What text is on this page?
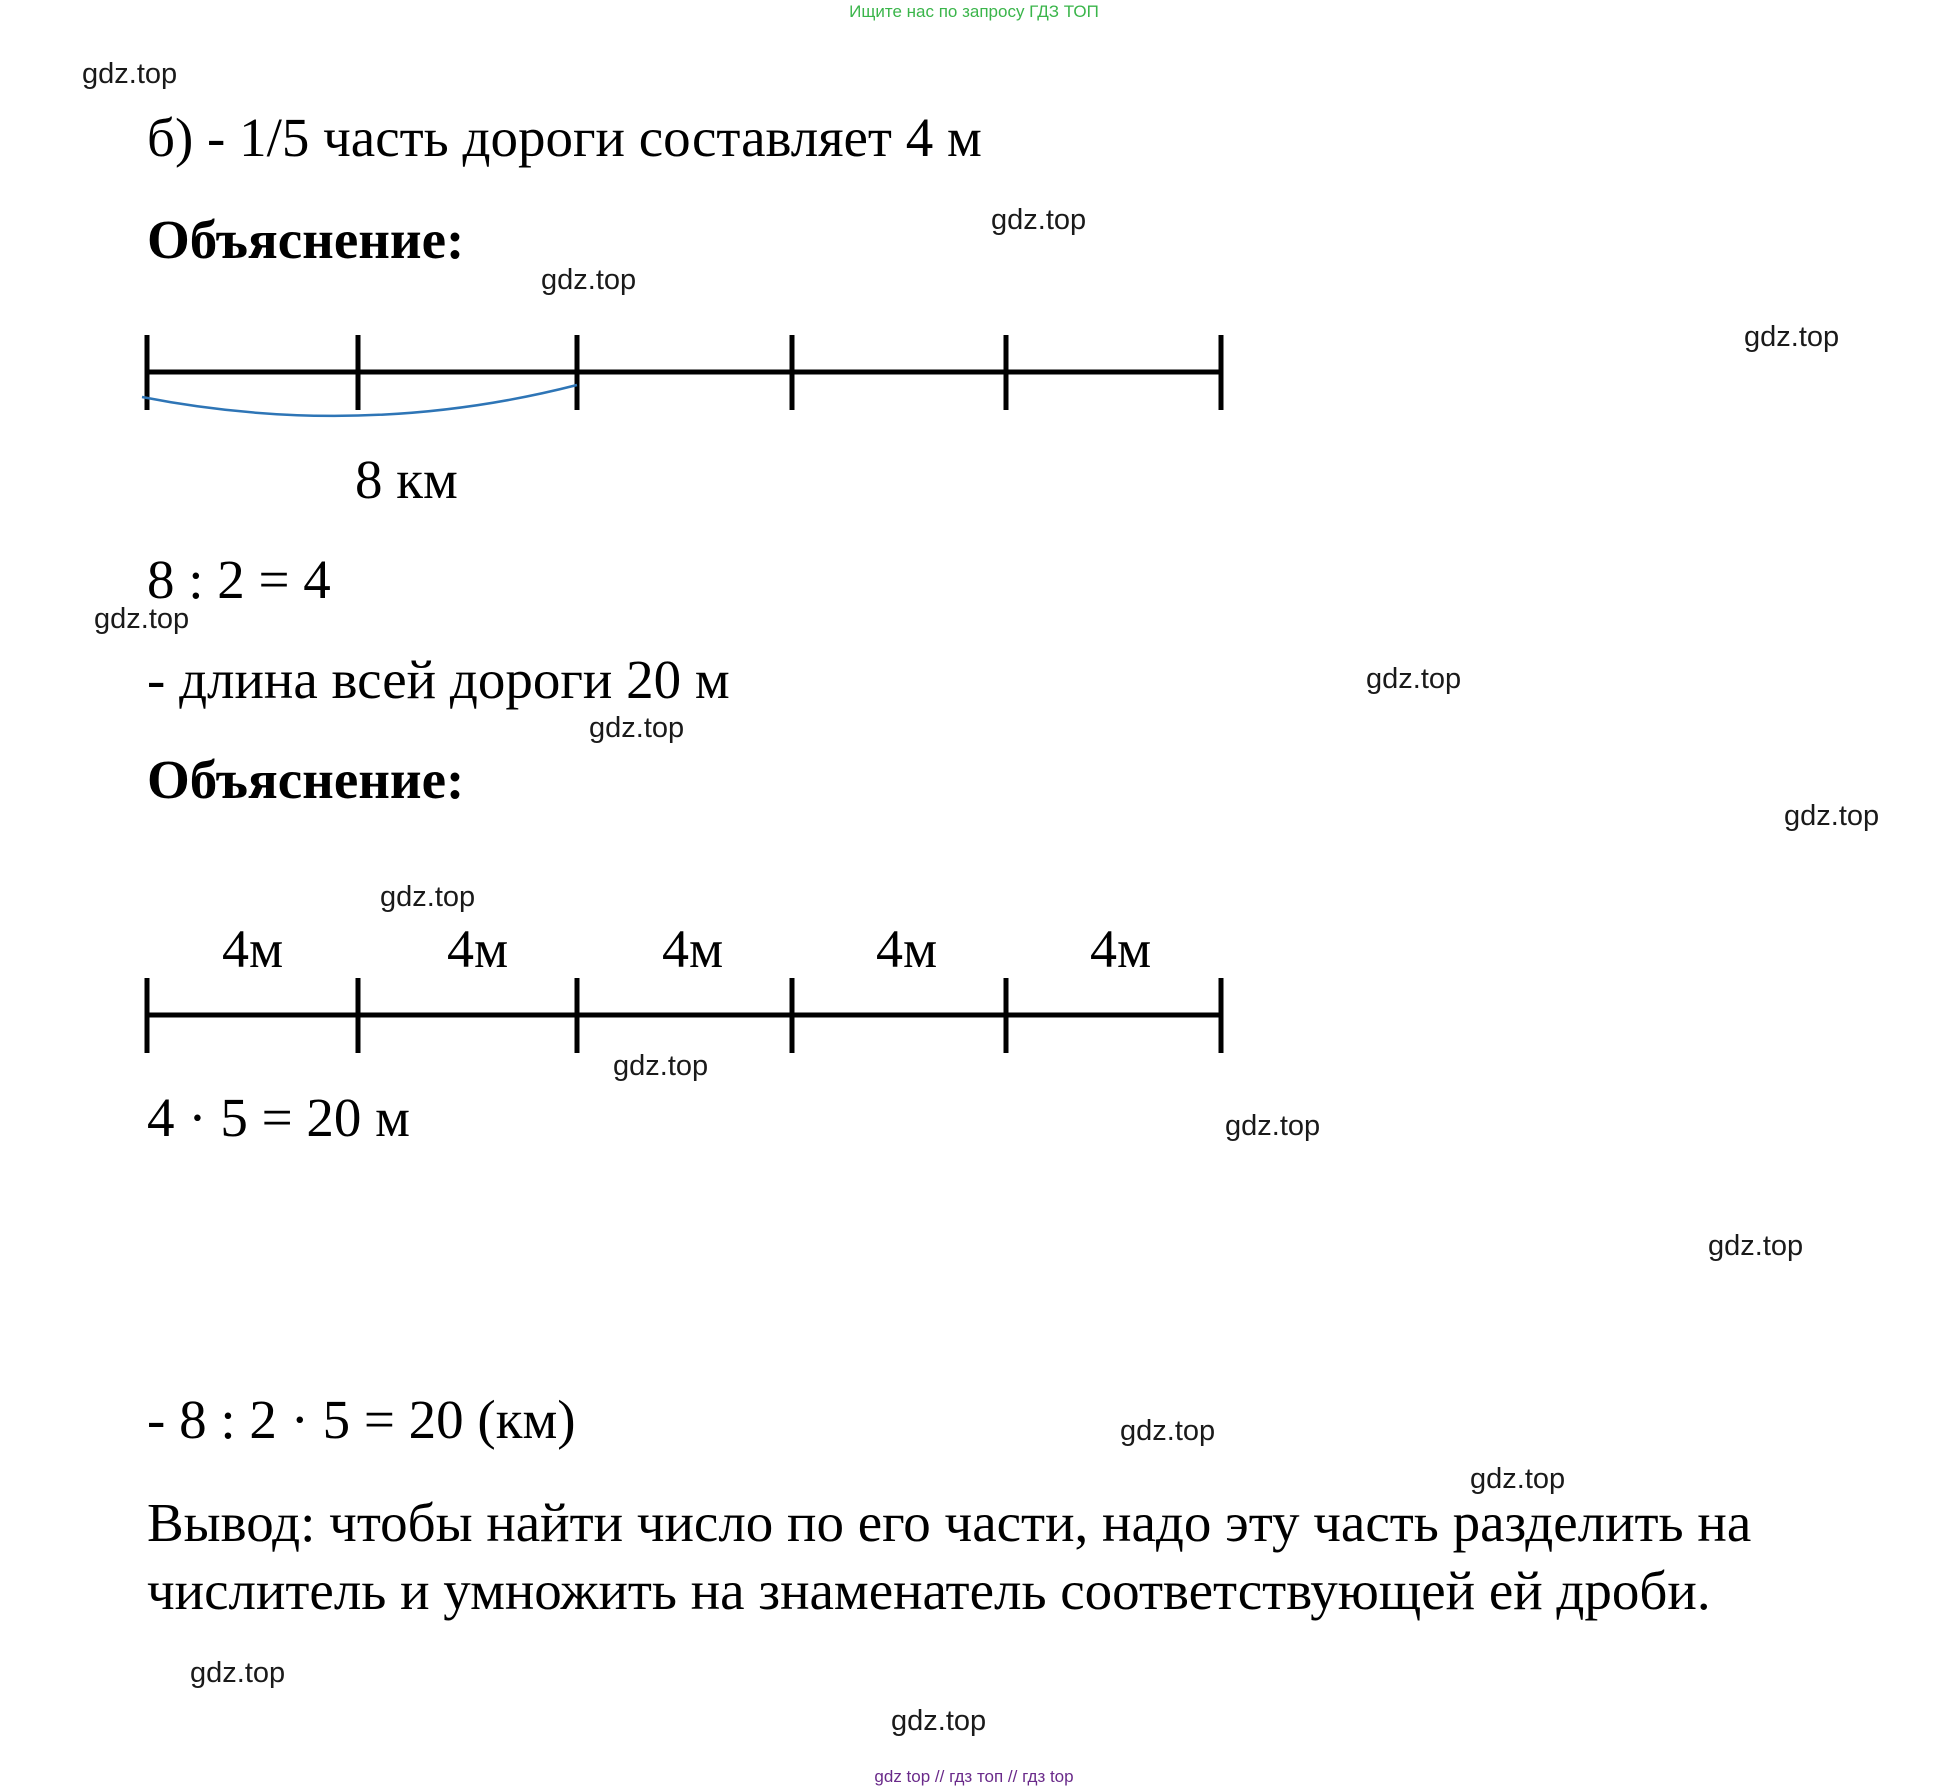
Ищите нас по запросу ГДЗ ТОП
б) - 1/5 часть дороги составляет 4 м
Объяснение:
8 км
8 : 2 = 4
- длина всей дороги 20 м
Объяснение:
4м	4м	4м	4м	4м
4 · 5 = 20 м
- 8 : 2 · 5 = 20 (км)
Вывод: чтобы найти число по его части, надо эту часть разделить на
числитель и умножить на знаменатель соответствующей ей дроби.
gdz.top
gdz.top
gdz.top
gdz.top
gdz.top
gdz.top
gdz.top
gdz.top
gdz.top
gdz.top
gdz.top
gdz.top
gdz.top
gdz.top
gdz.top
gdz.top
gdz top // гдз топ // гдз top
